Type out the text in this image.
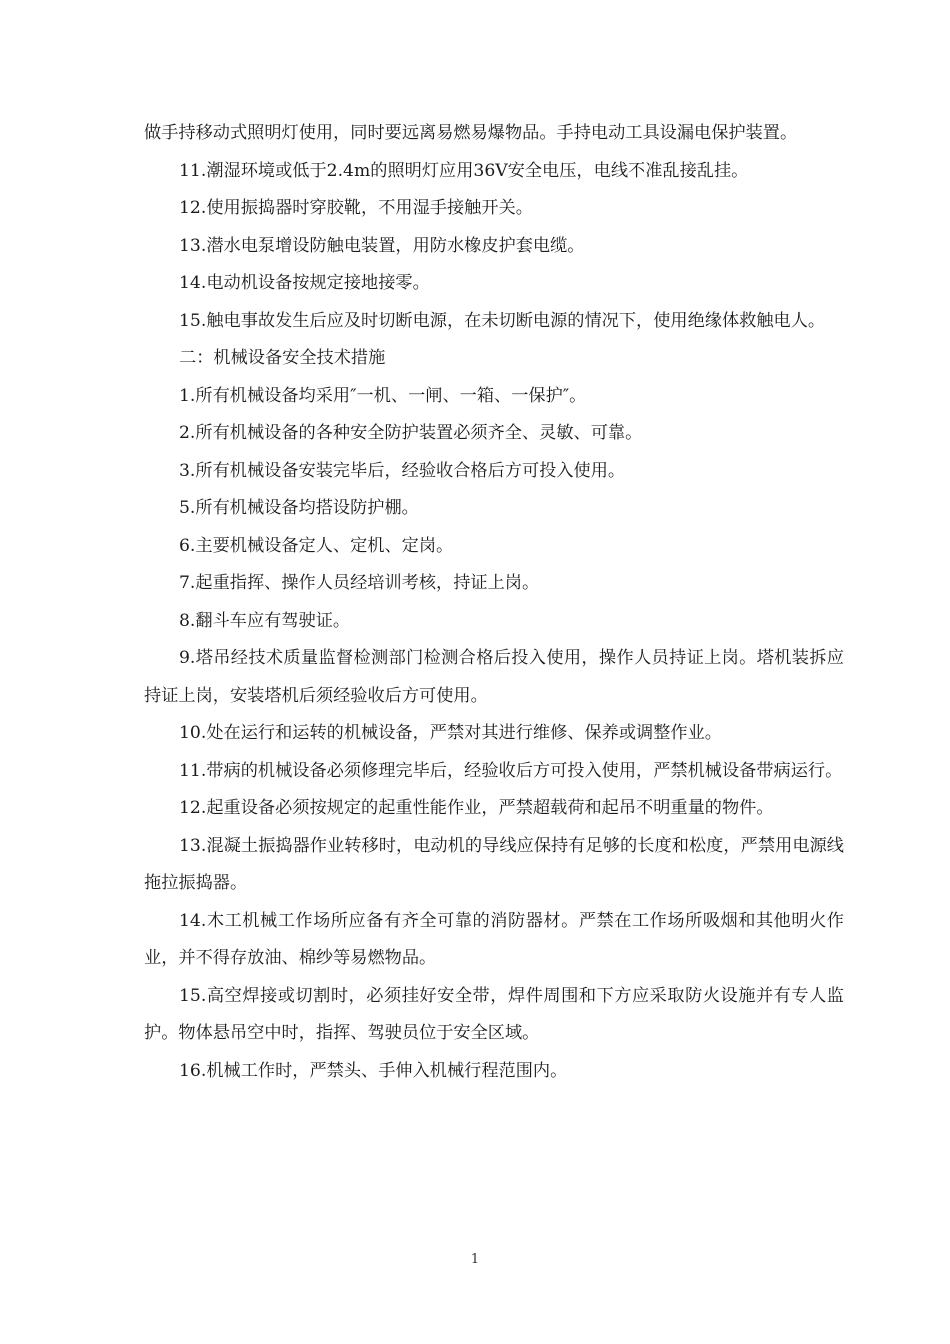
做手持移动式照明灯使用，同时要远离易燃易爆物品。手持电动工具设漏电保护装置。

11.潮湿环境或低于2.4m的照明灯应用36V安全电压，电线不准乱接乱挂。

12.使用振捣器时穿胶靴，不用湿手接触开关。

13.潜水电泵增设防触电装置，用防水橡皮护套电缆。

14.电动机设备按规定接地接零。

15.触电事故发生后应及时切断电源，在未切断电源的情况下，使用绝缘体救触电人。

二：机械设备安全技术措施

1.所有机械设备均采用″一机、一闸、一箱、一保护″。

2.所有机械设备的各种安全防护装置必须齐全、灵敏、可靠。

3.所有机械设备安装完毕后，经验收合格后方可投入使用。

5.所有机械设备均搭设防护棚。

6.主要机械设备定人、定机、定岗。

7.起重指挥、操作人员经培训考核，持证上岗。

8.翻斗车应有驾驶证。

9.塔吊经技术质量监督检测部门检测合格后投入使用，操作人员持证上岗。塔机装拆应持证上岗，安装塔机后须经验收后方可使用。

10.处在运行和运转的机械设备，严禁对其进行维修、保养或调整作业。

11.带病的机械设备必须修理完毕后，经验收后方可投入使用，严禁机械设备带病运行。

12.起重设备必须按规定的起重性能作业，严禁超载荷和起吊不明重量的物件。

13.混凝土振捣器作业转移时，电动机的导线应保持有足够的长度和松度，严禁用电源线拖拉振捣器。

14.木工机械工作场所应备有齐全可靠的消防器材。严禁在工作场所吸烟和其他明火作业，并不得存放油、棉纱等易燃物品。

15.高空焊接或切割时，必须挂好安全带，焊件周围和下方应采取防火设施并有专人监护。物体悬吊空中时，指挥、驾驶员位于安全区域。

16.机械工作时，严禁头、手伸入机械行程范围内。

1
